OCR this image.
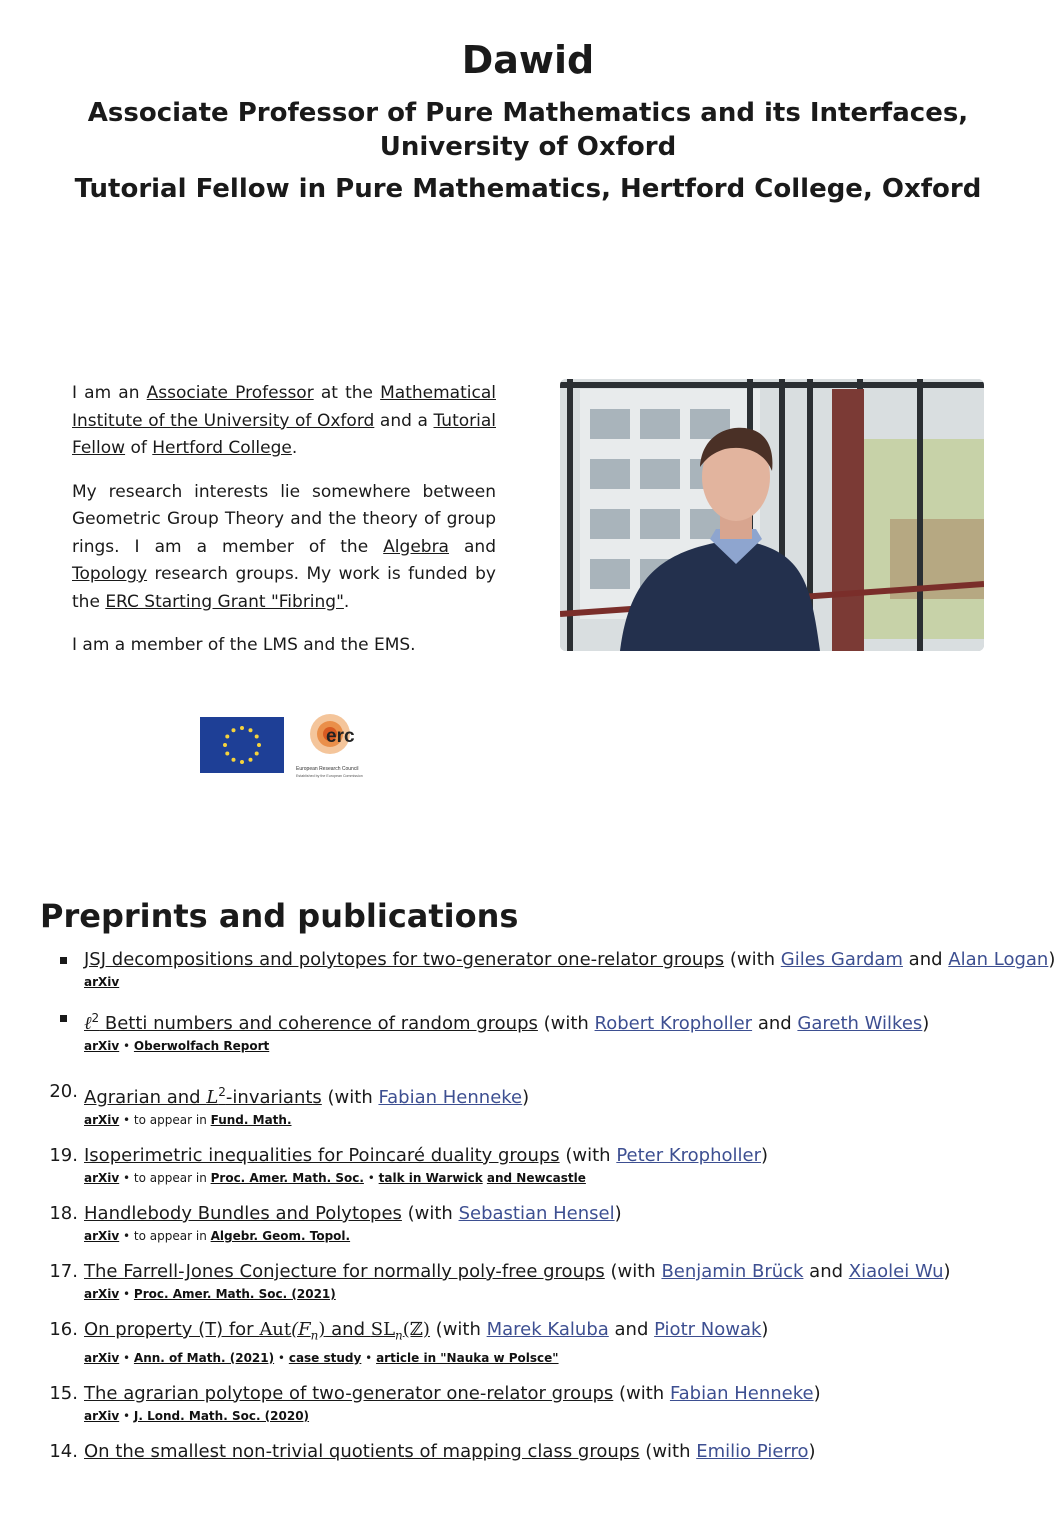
Dawid
Associate Professor of Pure Mathematics and its Interfaces, University of Oxford
Tutorial Fellow in Pure Mathematics, Hertford College, Oxford

I am an Associate Professor at the Mathematical Institute of the University of Oxford and a Tutorial Fellow of Hertford College.

My research interests lie somewhere between Geometric Group Theory and the theory of group rings. I am a member of the Algebra and Topology research groups. My work is funded by the ERC Starting Grant "Fibring".

I am a member of the LMS and the EMS.

erc
European Research Council
Established by the European Commission
Preprints and publications
JSJ decompositions and polytopes for two-generator one-relator groups (with Giles Gardam and Alan Logan)
arXiv
ℓ$^2$ Betti numbers and coherence of random groups (with Robert Kropholler and Gareth Wilkes)
arXiv • Oberwolfach Report
20. Agrarian and L$^2$-invariants (with Fabian Henneke)
arXiv • to appear in Fund. Math.
19. Isoperimetric inequalities for Poincaré duality groups (with Peter Kropholler)
arXiv • to appear in Proc. Amer. Math. Soc. • talk in Warwick and Newcastle
18. Handlebody Bundles and Polytopes (with Sebastian Hensel)
arXiv • to appear in Algebr. Geom. Topol.
17. The Farrell-Jones Conjecture for normally poly-free groups (with Benjamin Brück and Xiaolei Wu)
arXiv • Proc. Amer. Math. Soc. (2021)
16. On property (T) for $Aut(F_n)$ and $SL_n(ℤ)$ (with Marek Kaluba and Piotr Nowak)
arXiv • Ann. of Math. (2021) • case study • article in "Nauka w Polsce"
15. The agrarian polytope of two-generator one-relator groups (with Fabian Henneke)
arXiv • J. Lond. Math. Soc. (2020)
14. On the smallest non-trivial quotients of mapping class groups (with Emilio Pierro)
